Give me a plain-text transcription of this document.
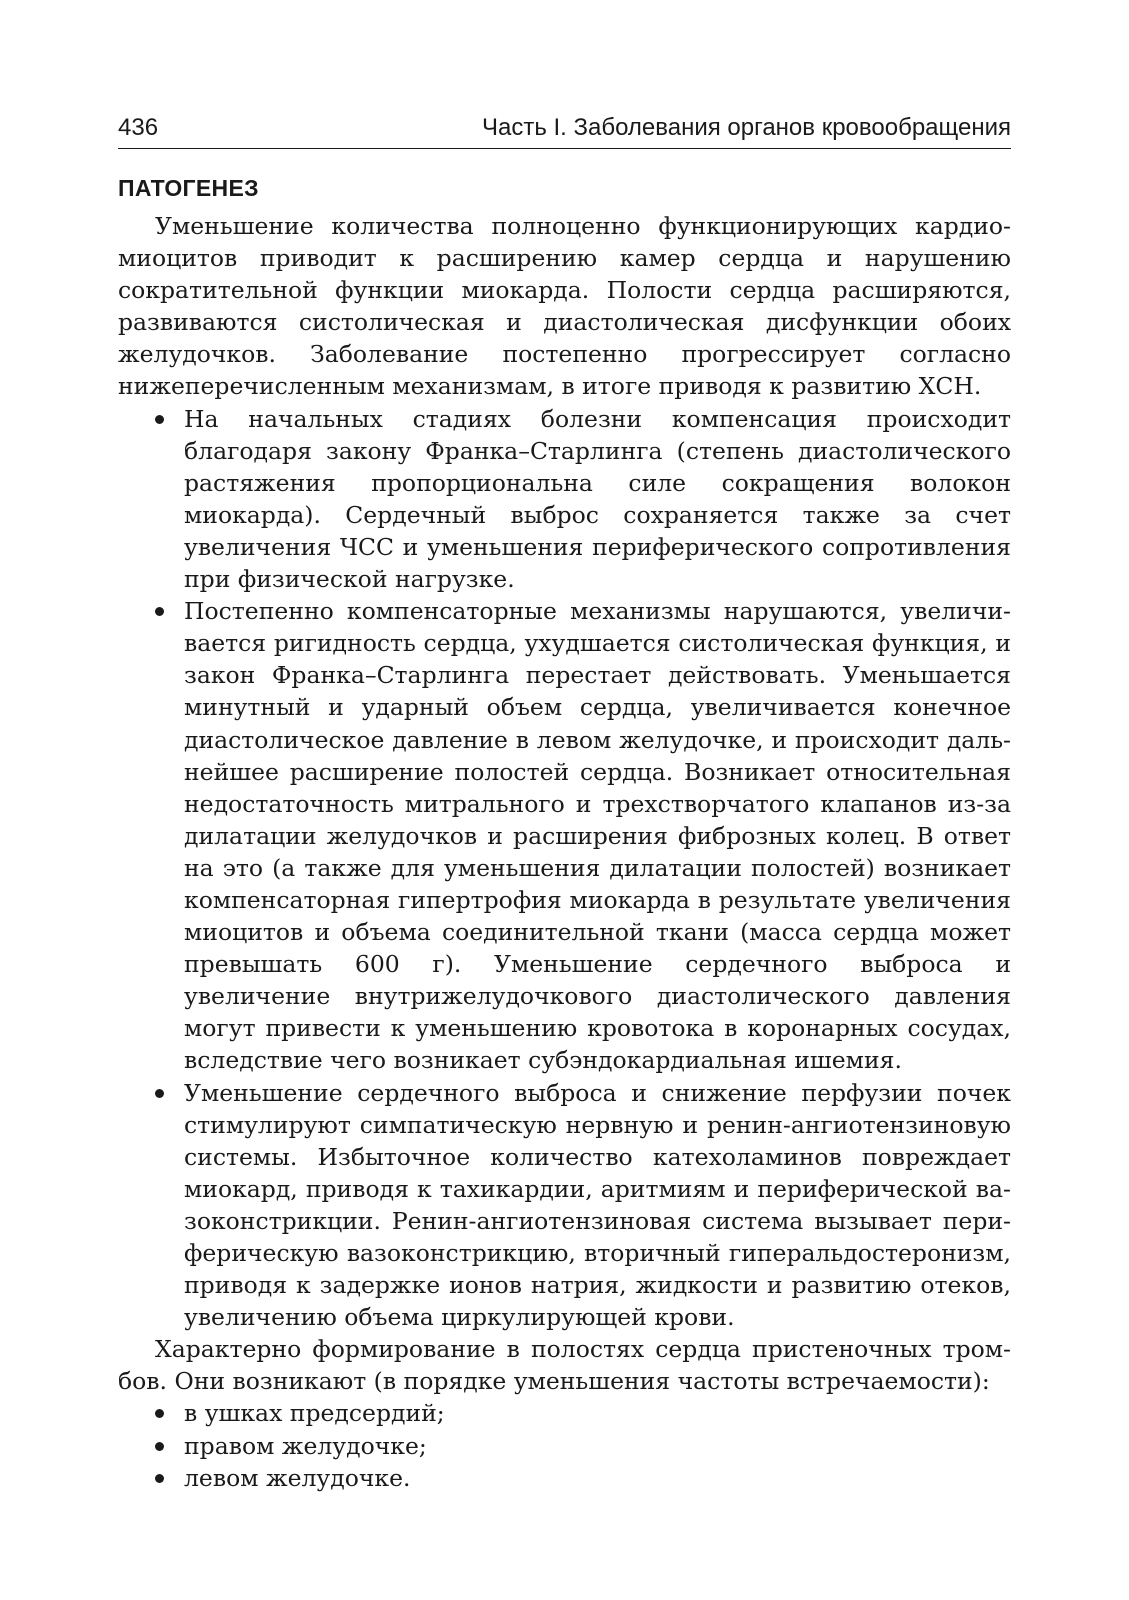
436	Часть I. Заболевания органов кровообращения
ПАТОГЕНЕЗ

Уменьшение количества полноценно функционирующих кардиомиоцитов приводит к расширению камер сердца и нарушению сократительной функции миокарда. Полости сердца расширяются, развиваются систолическая и диастолическая дисфункции обоих желудочков. Заболевание постепенно прогрессирует согласно нижеперечисленным механизмам, в итоге приводя к развитию ХСН.

На начальных стадиях болезни компенсация происходит благодаря закону Франка–Старлинга (степень диастолического растяжения пропорциональна силе сокращения волокон миокарда). Сердечный выброс сохраняется также за счет увеличения ЧСС и уменьшения периферического сопротивления при физической нагрузке.
Постепенно компенсаторные механизмы нарушаются, увеличивается ригидность сердца, ухудшается систолическая функция, и закон Франка–Старлинга перестает действовать. Уменьшается минутный и ударный объем сердца, увеличивается конечное диастолическое давление в левом желудочке, и происходит дальнейшее расширение полостей сердца. Возникает относительная недостаточность митрального и трехстворчатого клапанов из-за дилатации желудочков и расширения фиброзных колец. В ответ на это (а также для уменьшения дилатации полостей) возникает компенсаторная гипертрофия миокарда в результате увеличения миоцитов и объема соединительной ткани (масса сердца может превышать 600 г). Уменьшение сердечного выброса и увеличение внутрижелудочкового диастолического давления могут привести к уменьшению кровотока в коронарных сосудах, вследствие чего возникает субэндокардиальная ишемия.
Уменьшение сердечного выброса и снижение перфузии почек стимулируют симпатическую нервную и ренин-ангиотензиновую системы. Избыточное количество катехоламинов повреждает миокард, приводя к тахикардии, аритмиям и периферической вазоконстрикции. Ренин-ангиотензиновая система вызывает периферическую вазоконстрикцию, вторичный гиперальдостеронизм, приводя к задержке ионов натрия, жидкости и развитию отеков, увеличению объема циркулирующей крови.

Характерно формирование в полостях сердца пристеночных тромбов. Они возникают (в порядке уменьшения частоты встречаемости):

в ушках предсердий;
правом желудочке;
левом желудочке.
